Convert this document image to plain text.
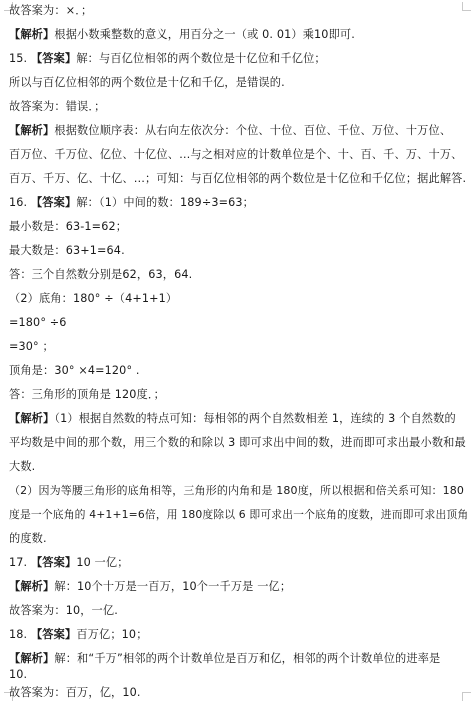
故答案为：×．；
【解析】根据小数乘整数的意义，用百分之一（或 0. 01）乘10即可.
15. 【答案】解：与百亿位相邻的两个数位是十亿位和千亿位；
所以与百亿位相邻的两个数位是十亿和千亿，是错误的.
故答案为：错误．；
【解析】根据数位顺序表：从右向左依次分：个位、十位、百位、千位、万位、十万位、
百万位、千万位、亿位、十亿位、…与之相对应的计数单位是个、十、百、千、万、十万、
百万、千万、亿、十亿、…；可知：与百亿位相邻的两个数位是十亿位和千亿位；据此解答.
16. 【答案】解：（1）中间的数：189÷3=63；
最小数是：63-1=62；
最大数是：63+1=64.
答：三个自然数分别是62，63，64.
（2）底角：180° ÷（4+1+1）
=180° ÷6
=30° ；
顶角是：30° ×4=120° .
答：三角形的顶角是 120度．；
【解析】（1）根据自然数的特点可知：每相邻的两个自然数相差 1，连续的 3 个自然数的
平均数是中间的那个数，用三个数的和除以 3 即可求出中间的数，进而即可求出最小数和最
大数.
（2）因为等腰三角形的底角相等，三角形的内角和是 180度，所以根据和倍关系可知：180
度是一个底角的 4+1+1=6倍，用 180度除以 6 即可求出一个底角的度数，进而即可求出顶角
的度数.
17. 【答案】10 一亿；
【解析】解：10个十万是一百万，10个一千万是 一亿；
故答案为：10，一亿.
18. 【答案】百万亿；10；
【解析】解：和“千万”相邻的两个计数单位是百万和亿，相邻的两个计数单位的进率是
10.
故答案为：百万，亿，10.
